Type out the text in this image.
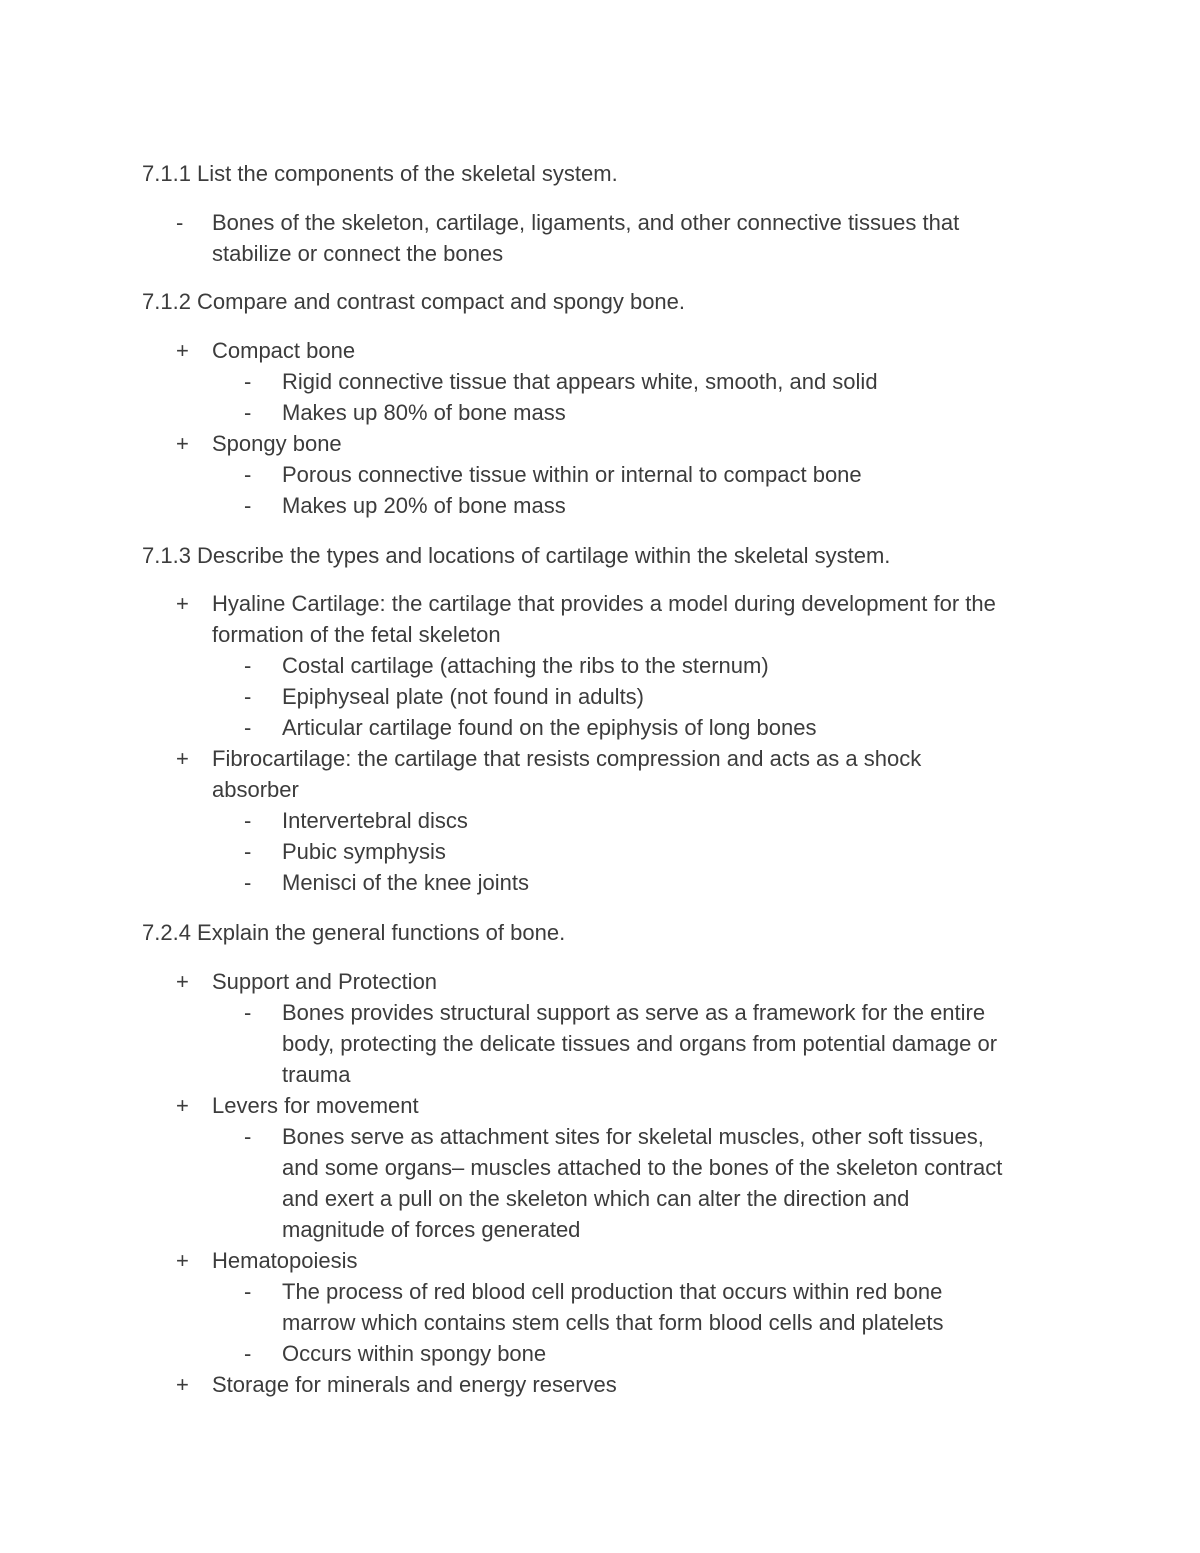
7.1.1 List the components of the skeletal system.
-	Bones of the skeleton, cartilage, ligaments, and other connective tissues that
stabilize or connect the bones
7.1.2 Compare and contrast compact and spongy bone.
+	Compact bone
-	Rigid connective tissue that appears white, smooth, and solid
-	Makes up 80% of bone mass
+	Spongy bone
-	Porous connective tissue within or internal to compact bone
-	Makes up 20% of bone mass
7.1.3 Describe the types and locations of cartilage within the skeletal system.
+	Hyaline Cartilage: the cartilage that provides a model during development for the
formation of the fetal skeleton
-	Costal cartilage (attaching the ribs to the sternum)
-	Epiphyseal plate (not found in adults)
-	Articular cartilage found on the epiphysis of long bones
+	Fibrocartilage: the cartilage that resists compression and acts as a shock
absorber
-	Intervertebral discs
-	Pubic symphysis
-	Menisci of the knee joints
7.2.4 Explain the general functions of bone.
+	Support and Protection
-	Bones provides structural support as serve as a framework for the entire
body, protecting the delicate tissues and organs from potential damage or
trauma
+	Levers for movement
-	Bones serve as attachment sites for skeletal muscles, other soft tissues,
and some organs– muscles attached to the bones of the skeleton contract
and exert a pull on the skeleton which can alter the direction and
magnitude of forces generated
+	Hematopoiesis
-	The process of red blood cell production that occurs within red bone
marrow which contains stem cells that form blood cells and platelets
-	Occurs within spongy bone
+	Storage for minerals and energy reserves
